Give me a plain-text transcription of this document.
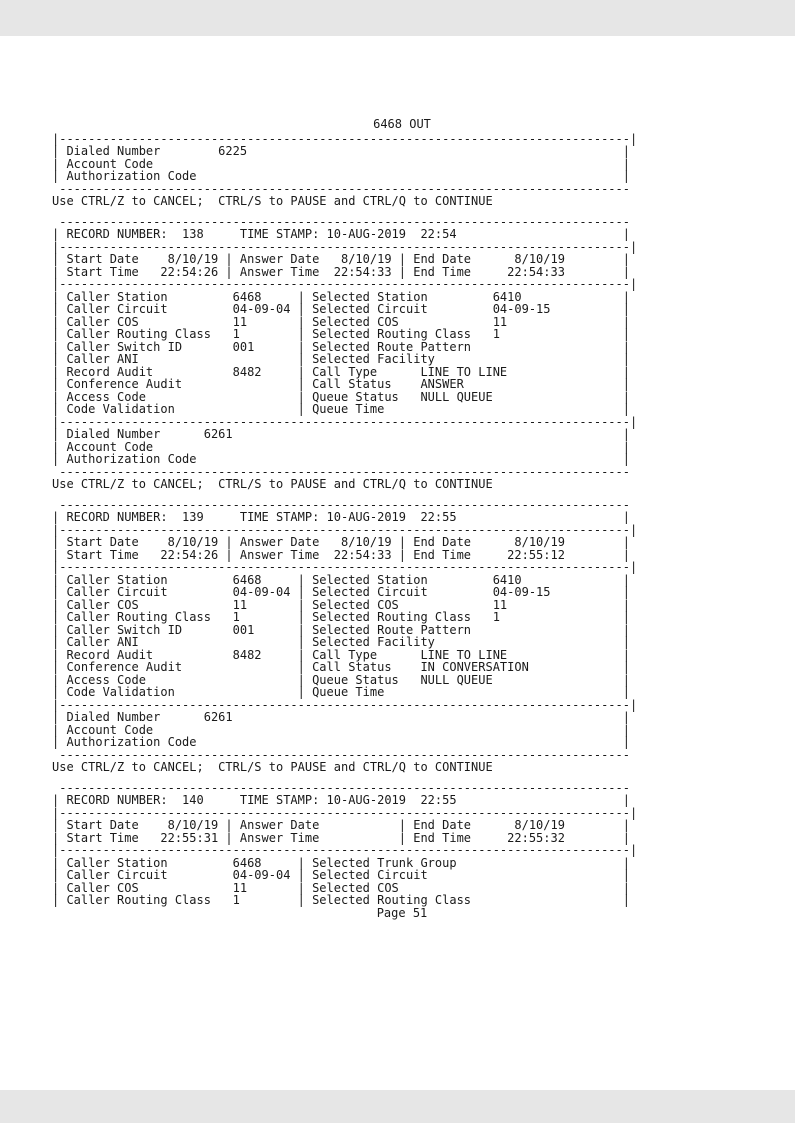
6468 OUT
|-------------------------------------------------------------------------------|
| Dialed Number        6225                                                    |
| Account Code                                                                 |
| Authorization Code                                                           |
-------------------------------------------------------------------------------
Use CTRL/Z to CANCEL;  CTRL/S to PAUSE and CTRL/Q to CONTINUE
-------------------------------------------------------------------------------
| RECORD NUMBER:  138     TIME STAMP: 10-AUG-2019  22:54                       |
|-------------------------------------------------------------------------------|
| Start Date    8/10/19 | Answer Date   8/10/19 | End Date      8/10/19        |
| Start Time   22:54:26 | Answer Time  22:54:33 | End Time     22:54:33        |
|-------------------------------------------------------------------------------|
| Caller Station         6468     | Selected Station         6410              |
| Caller Circuit         04-09-04 | Selected Circuit         04-09-15          |
| Caller COS             11       | Selected COS             11                |
| Caller Routing Class   1        | Selected Routing Class   1                 |
| Caller Switch ID       001      | Selected Route Pattern                     |
| Caller ANI                      | Selected Facility                          |
| Record Audit           8482     | Call Type      LINE TO LINE                |
| Conference Audit                | Call Status    ANSWER                      |
| Access Code                     | Queue Status   NULL QUEUE                  |
| Code Validation                 | Queue Time                                 |
|-------------------------------------------------------------------------------|
| Dialed Number      6261                                                      |
| Account Code                                                                 |
| Authorization Code                                                           |
-------------------------------------------------------------------------------
Use CTRL/Z to CANCEL;  CTRL/S to PAUSE and CTRL/Q to CONTINUE
-------------------------------------------------------------------------------
| RECORD NUMBER:  139     TIME STAMP: 10-AUG-2019  22:55                       |
|-------------------------------------------------------------------------------|
| Start Date    8/10/19 | Answer Date   8/10/19 | End Date      8/10/19        |
| Start Time   22:54:26 | Answer Time  22:54:33 | End Time     22:55:12        |
|-------------------------------------------------------------------------------|
| Caller Station         6468     | Selected Station         6410              |
| Caller Circuit         04-09-04 | Selected Circuit         04-09-15          |
| Caller COS             11       | Selected COS             11                |
| Caller Routing Class   1        | Selected Routing Class   1                 |
| Caller Switch ID       001      | Selected Route Pattern                     |
| Caller ANI                      | Selected Facility                          |
| Record Audit           8482     | Call Type      LINE TO LINE                |
| Conference Audit                | Call Status    IN CONVERSATION             |
| Access Code                     | Queue Status   NULL QUEUE                  |
| Code Validation                 | Queue Time                                 |
|-------------------------------------------------------------------------------|
| Dialed Number      6261                                                      |
| Account Code                                                                 |
| Authorization Code                                                           |
-------------------------------------------------------------------------------
Use CTRL/Z to CANCEL;  CTRL/S to PAUSE and CTRL/Q to CONTINUE
-------------------------------------------------------------------------------
| RECORD NUMBER:  140     TIME STAMP: 10-AUG-2019  22:55                       |
|-------------------------------------------------------------------------------|
| Start Date    8/10/19 | Answer Date           | End Date      8/10/19        |
| Start Time   22:55:31 | Answer Time           | End Time     22:55:32        |
|-------------------------------------------------------------------------------|
| Caller Station         6468     | Selected Trunk Group                       |
| Caller Circuit         04-09-04 | Selected Circuit                           |
| Caller COS             11       | Selected COS                               |
| Caller Routing Class   1        | Selected Routing Class                     |
Page 51
